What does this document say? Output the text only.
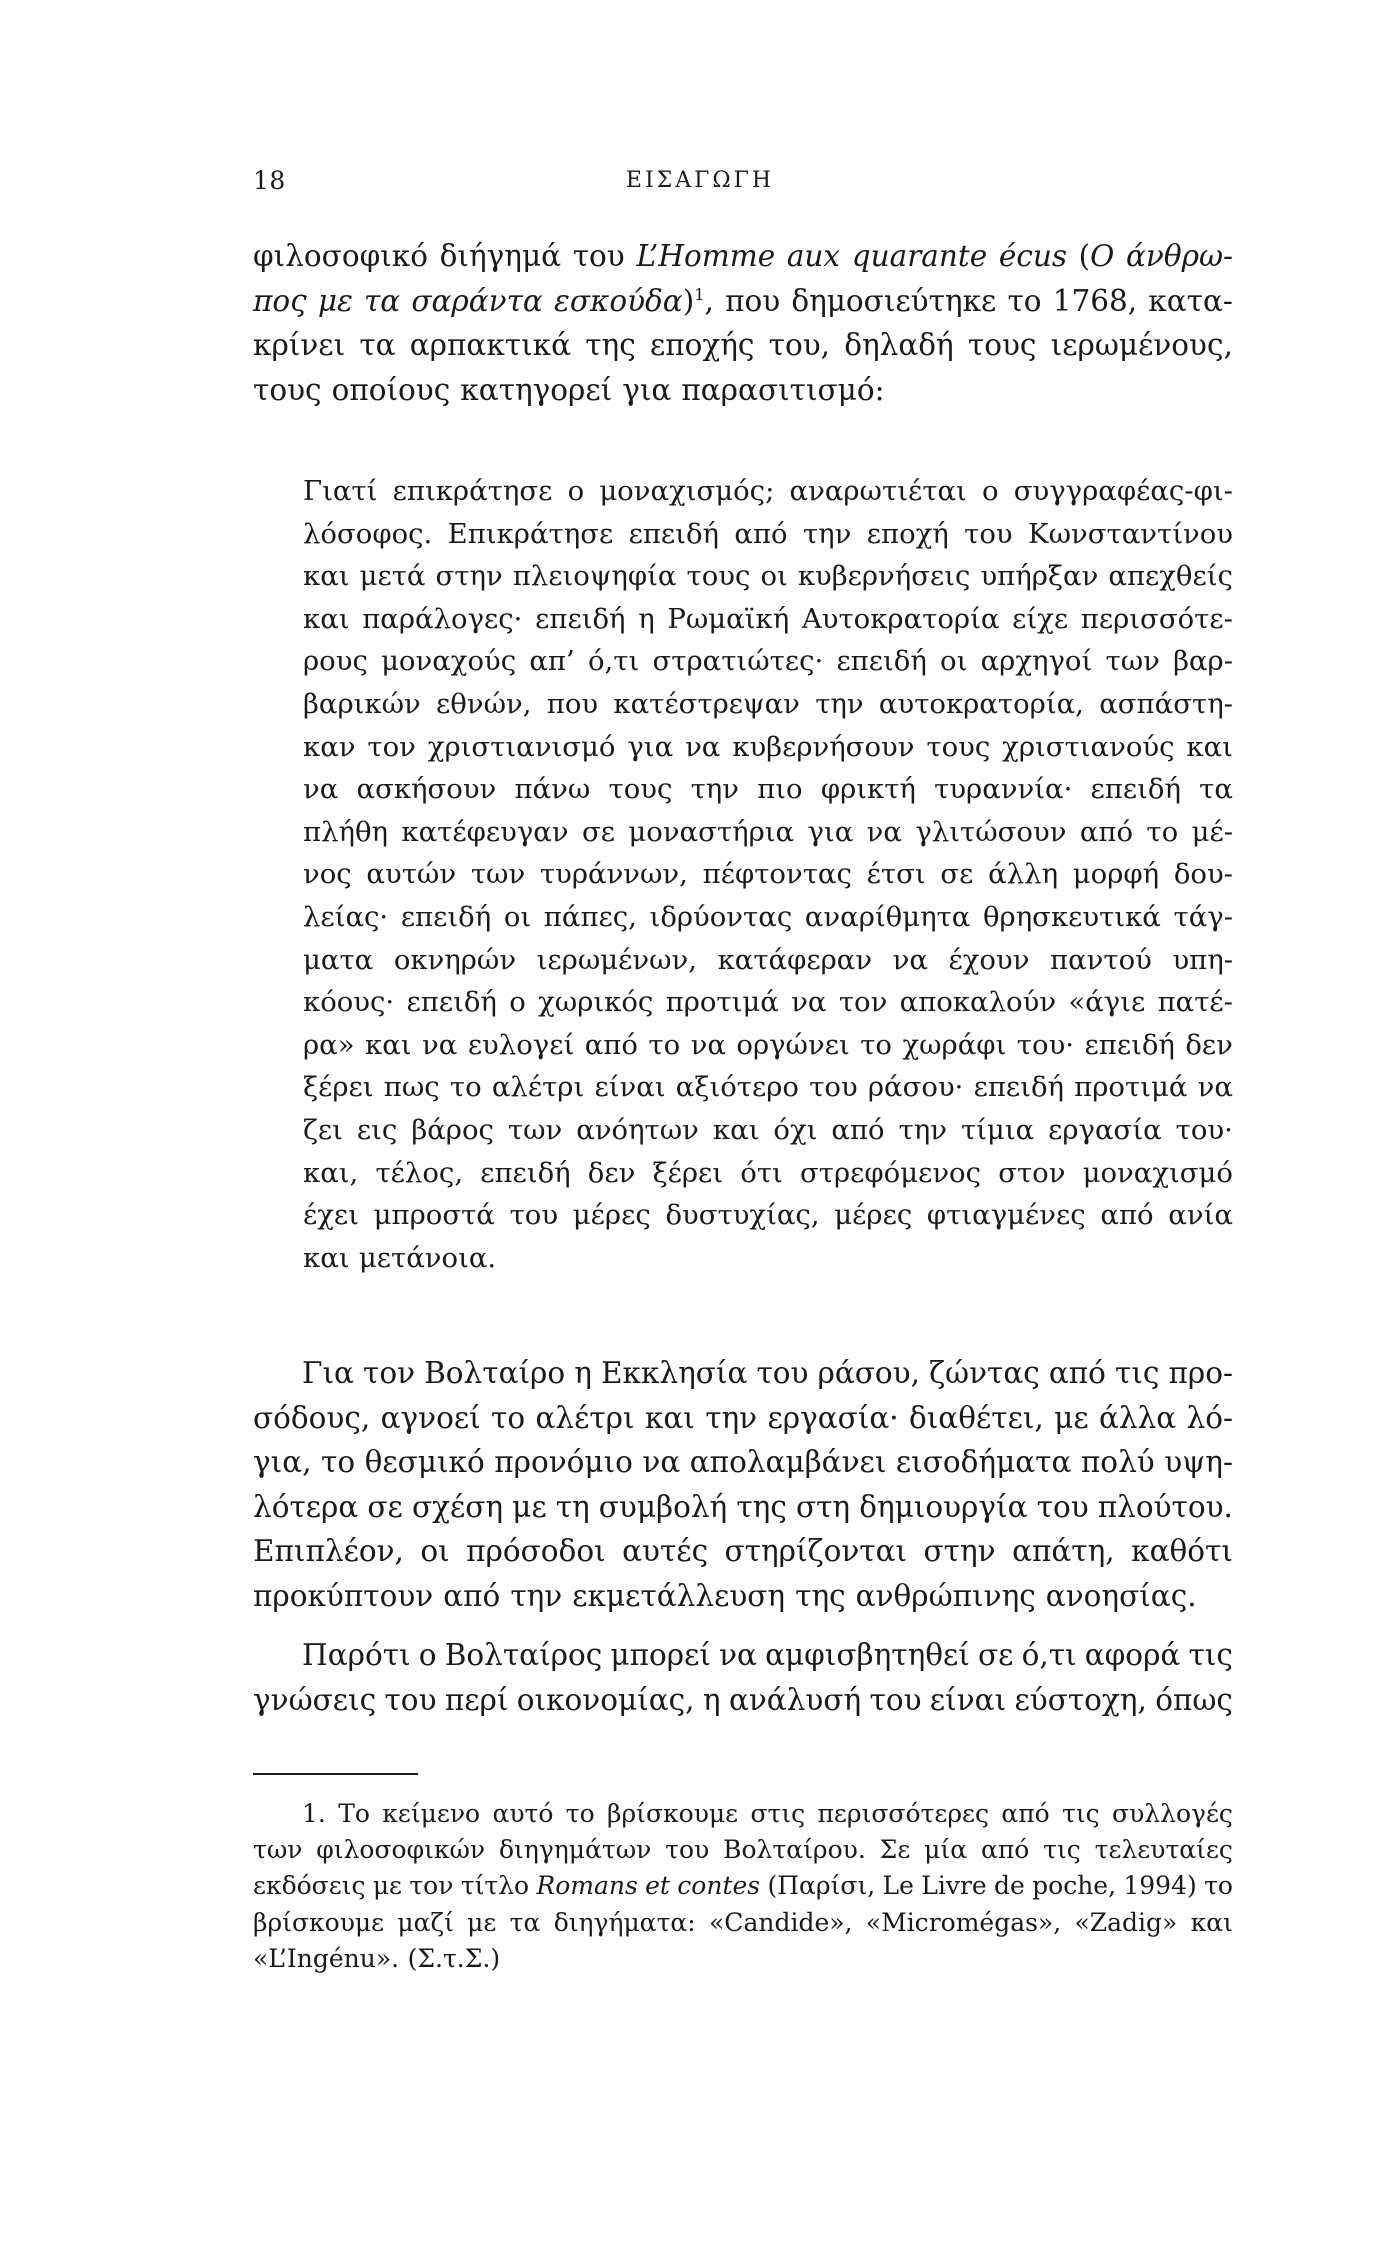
18	ΕΙΣΑΓΩΓΗ
φιλοσοφικό διήγημά του L’Homme aux quarante écus (Ο άνθρω-
πος με τα σαράντα εσκούδα)$^1$, που δημοσιεύτηκε το 1768, κατα-
κρίνει τα αρπακτικά της εποχής του, δηλαδή τους ιερωμένους,
τους οποίους κατηγορεί για παρασιτισμό:
Γιατί επικράτησε ο μοναχισμός; αναρωτιέται ο συγγραφέας-φι-
λόσοφος. Επικράτησε επειδή από την εποχή του Κωνσταντίνου
και μετά στην πλειοψηφία τους οι κυβερνήσεις υπήρξαν απεχθείς
και παράλογες· επειδή η Ρωμαϊκή Αυτοκρατορία είχε περισσότε-
ρους μοναχούς απ’ ό,τι στρατιώτες· επειδή οι αρχηγοί των βαρ-
βαρικών εθνών, που κατέστρεψαν την αυτοκρατορία, ασπάστη-
καν τον χριστιανισμό για να κυβερνήσουν τους χριστιανούς και
να ασκήσουν πάνω τους την πιο φρικτή τυραννία· επειδή τα
πλήθη κατέφευγαν σε μοναστήρια για να γλιτώσουν από το μέ-
νος αυτών των τυράννων, πέφτοντας έτσι σε άλλη μορφή δου-
λείας· επειδή οι πάπες, ιδρύοντας αναρίθμητα θρησκευτικά τάγ-
ματα οκνηρών ιερωμένων, κατάφεραν να έχουν παντού υπη-
κόους· επειδή ο χωρικός προτιμά να τον αποκαλούν «άγιε πατέ-
ρα» και να ευλογεί από το να οργώνει το χωράφι του· επειδή δεν
ξέρει πως το αλέτρι είναι αξιότερο του ράσου· επειδή προτιμά να
ζει εις βάρος των ανόητων και όχι από την τίμια εργασία του·
και, τέλος, επειδή δεν ξέρει ότι στρεφόμενος στον μοναχισμό
έχει μπροστά του μέρες δυστυχίας, μέρες φτιαγμένες από ανία
και μετάνοια.
Για τον Βολταίρο η Εκκλησία του ράσου, ζώντας από τις προ-
σόδους, αγνοεί το αλέτρι και την εργασία· διαθέτει, με άλλα λό-
για, το θεσμικό προνόμιο να απολαμβάνει εισοδήματα πολύ υψη-
λότερα σε σχέση με τη συμβολή της στη δημιουργία του πλούτου.
Επιπλέον, οι πρόσοδοι αυτές στηρίζονται στην απάτη, καθότι
προκύπτουν από την εκμετάλλευση της ανθρώπινης ανοησίας.
Παρότι ο Βολταίρος μπορεί να αμφισβητηθεί σε ό,τι αφορά τις
γνώσεις του περί οικονομίας, η ανάλυσή του είναι εύστοχη, όπως
1. Το κείμενο αυτό το βρίσκουμε στις περισσότερες από τις συλλογές
των φιλοσοφικών διηγημάτων του Βολταίρου. Σε μία από τις τελευταίες
εκδόσεις με τον τίτλο Romans et contes (Παρίσι, Le Livre de poche, 1994) το
βρίσκουμε μαζί με τα διηγήματα: «Candide», «Micromégas», «Zadig» και
«L’Ingénu». (Σ.τ.Σ.)
